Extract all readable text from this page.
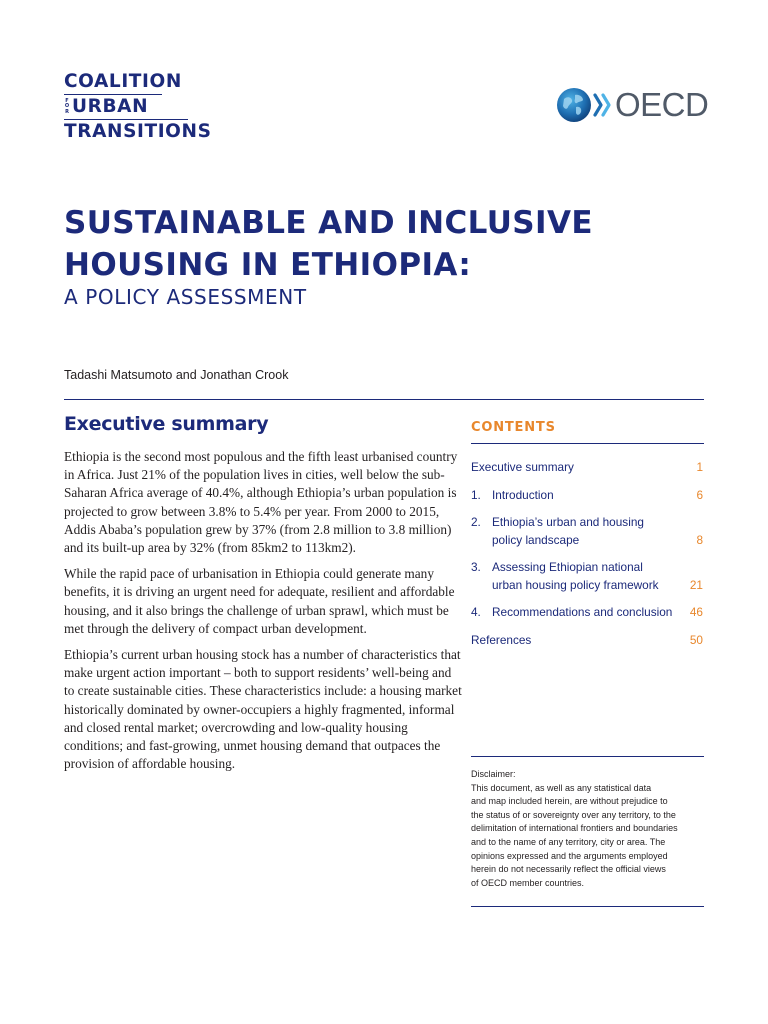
COALITION
FOR URBAN
TRANSITIONS
OECD
SUSTAINABLE AND INCLUSIVE
HOUSING IN ETHIOPIA:
A POLICY ASSESSMENT
Tadashi Matsumoto and Jonathan Crook
Executive summary

Ethiopia is the second most populous and the fifth least urbanised country in Africa. Just 21% of the population lives in cities, well below the sub-Saharan Africa average of 40.4%, although Ethiopia’s urban population is projected to grow between 3.8% to 5.4% per year. From 2000 to 2015, Addis Ababa’s population grew by 37% (from 2.8 million to 3.8 million) and its built-up area by 32% (from 85km2 to 113km2).

While the rapid pace of urbanisation in Ethiopia could generate many benefits, it is driving an urgent need for adequate, resilient and affordable housing, and it also brings the challenge of urban sprawl, which must be met through the delivery of compact urban development.

Ethiopia’s current urban housing stock has a number of characteristics that make urgent action important – both to support residents’ well-being and to create sustainable cities. These characteristics include: a housing market historically dominated by owner-occupiers a highly fragmented, informal and closed rental market; overcrowding and low-quality housing conditions; and fast-growing, unmet housing demand that outpaces the provision of affordable housing.

CONTENTS
Executive summary	1
1. Introduction	6
2. Ethiopia’s urban and housing
policy landscape	8
3. Assessing Ethiopian national
urban housing policy framework	21
4. Recommendations and conclusion	46
References	50
Disclaimer:
This document, as well as any statistical data
and map included herein, are without prejudice to
the status of or sovereignty over any territory, to the
delimitation of international frontiers and boundaries
and to the name of any territory, city or area. The
opinions expressed and the arguments employed
herein do not necessarily reflect the official views
of OECD member countries.
